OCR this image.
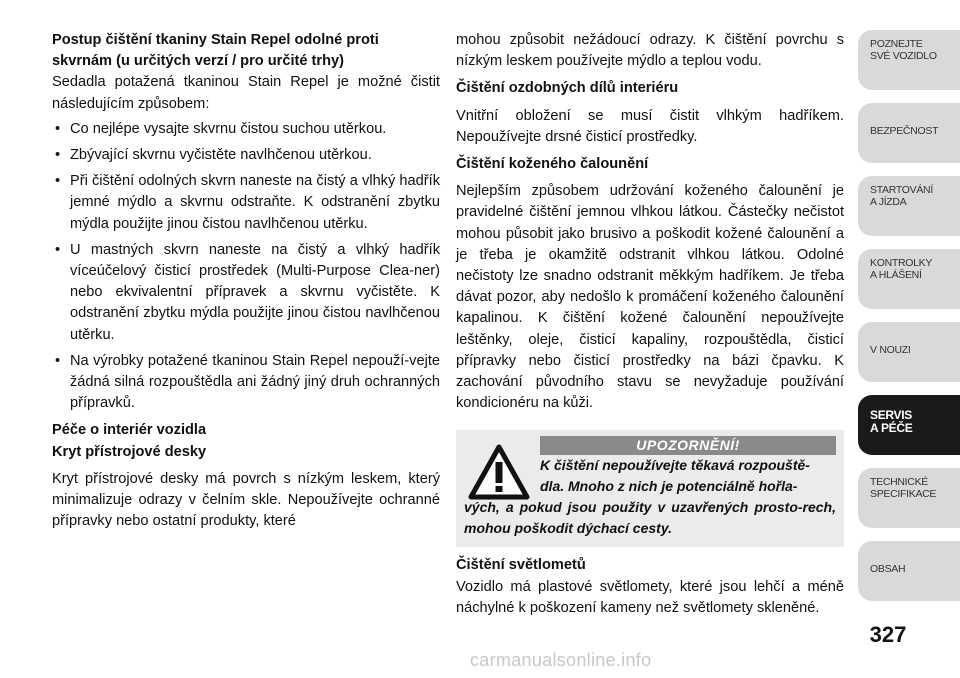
Postup čištění tkaniny Stain Repel odolné proti skvrnám (u určitých verzí / pro určité trhy)

Sedadla potažená tkaninou Stain Repel je možné čistit následujícím způsobem:

• Co nejlépe vysajte skvrnu čistou suchou utěrkou.
• Zbývající skvrnu vyčistěte navlhčenou utěrkou.
• Při čištění odolných skvrn naneste na čistý a vlhký hadřík jemné mýdlo a skvrnu odstraňte. K odstranění zbytku mýdla použijte jinou čistou navlhčenou utěrku.
• U mastných skvrn naneste na čistý a vlhký hadřík víceúčelový čisticí prostředek (Multi-Purpose Clea-ner) nebo ekvivalentní přípravek a skvrnu vyčistěte. K odstranění zbytku mýdla použijte jinou čistou navlhčenou utěrku.
• Na výrobky potažené tkaninou Stain Repel nepouží-vejte žádná silná rozpouštědla ani žádný jiný druh ochranných přípravků.
Péče o interiér vozidla
Kryt přístrojové desky

Kryt přístrojové desky má povrch s nízkým leskem, který minimalizuje odrazy v čelním skle. Nepoužívejte ochranné přípravky nebo ostatní produkty, které

mohou způsobit nežádoucí odrazy. K čištění povrchu s nízkým leskem používejte mýdlo a teplou vodu.

Čištění ozdobných dílů interiéru

Vnitřní obložení se musí čistit vlhkým hadříkem. Nepoužívejte drsné čisticí prostředky.

Čištění koženého čalounění

Nejlepším způsobem udržování koženého čalounění je pravidelné čištění jemnou vlhkou látkou. Částečky nečistot mohou působit jako brusivo a poškodit kožené čalounění a je třeba je okamžitě odstranit vlhkou látkou. Odolné nečistoty lze snadno odstranit měkkým hadříkem. Je třeba dávat pozor, aby nedošlo k promáčení koženého čalounění kapalinou. K čištění kožené čalounění nepoužívejte leštěnky, oleje, čisticí kapaliny, rozpouštědla, čisticí přípravky nebo čisticí prostředky na bázi čpavku. K zachování původního stavu se nevyžaduje používání kondicionéru na kůži.

UPOZORNĚNÍ!
K čištění nepoužívejte těkavá rozpouště-
dla. Mnoho z nich je potenciálně hořla-
vých, a pokud jsou použity v uzavřených prosto-rech, mohou poškodit dýchací cesty.
Čištění světlometů

Vozidlo má plastové světlomety, které jsou lehčí a méně náchylné k poškození kameny než světlomety skleněné.

POZNEJTE
SVÉ VOZIDLO
BEZPEČNOST
STARTOVÁNÍ
A JÍZDA
KONTROLKY
A HLÁŠENÍ
V NOUZI
SERVIS
A PÉČE
TECHNICKÉ
SPECIFIKACE
OBSAH
327
carmanualsonline.info
